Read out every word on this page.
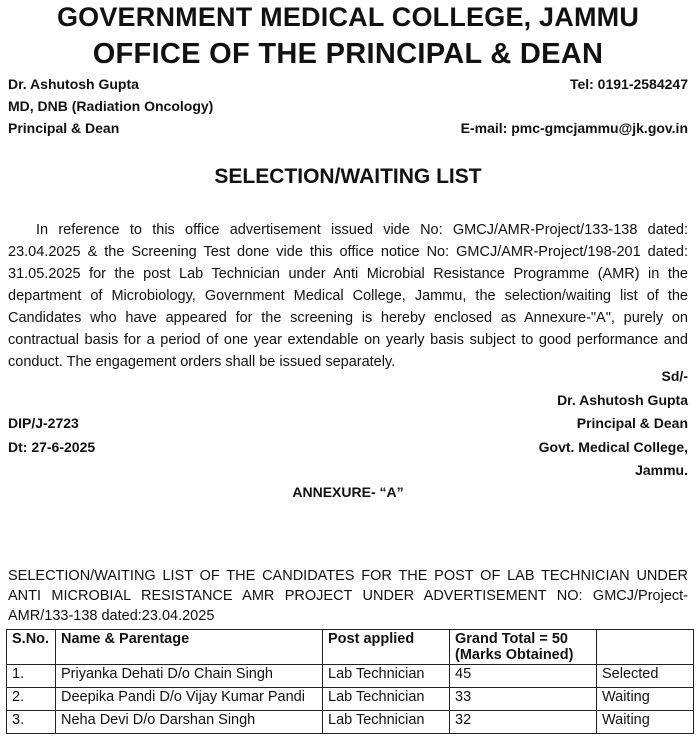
GOVERNMENT MEDICAL COLLEGE, JAMMU
OFFICE OF THE PRINCIPAL & DEAN
Dr. Ashutosh Gupta
MD, DNB (Radiation Oncology)
Principal & Dean
Tel: 0191-2584247
E-mail: pmc-gmcjammu@jk.gov.in
SELECTION/WAITING LIST

In reference to this office advertisement issued vide No: GMCJ/AMR-Project/133-138 dated: 23.04.2025 & the Screening Test done vide this office notice No: GMCJ/AMR-Project/198-201 dated: 31.05.2025 for the post Lab Technician under Anti Microbial Resistance Programme (AMR) in the department of Microbiology, Government Medical College, Jammu, the selection/waiting list of the Candidates who have appeared for the screening is hereby enclosed as Annexure-"A", purely on contractual basis for a period of one year extendable on yearly basis subject to good performance and conduct. The engagement orders shall be issued separately.

Sd/-
Dr. Ashutosh Gupta
Principal & Dean
Govt. Medical College,
Jammu.
DIP/J-2723
Dt: 27-6-2025
ANNEXURE- “A”

SELECTION/WAITING LIST OF THE CANDIDATES FOR THE POST OF LAB TECHNICIAN UNDER ANTI MICROBIAL RESISTANCE AMR PROJECT UNDER ADVERTISEMENT NO: GMCJ/Project-AMR/133-138 dated:23.04.2025

S.No.	Name & Parentage	Post applied	Grand Total = 50
(Marks Obtained)	

1.	Priyanka Dehati D/o Chain Singh	Lab Technician	45	Selected
2.	Deepika Pandi D/o Vijay Kumar Pandi	Lab Technician	33	Waiting
3.	Neha Devi D/o Darshan Singh	Lab Technician	32	Waiting
